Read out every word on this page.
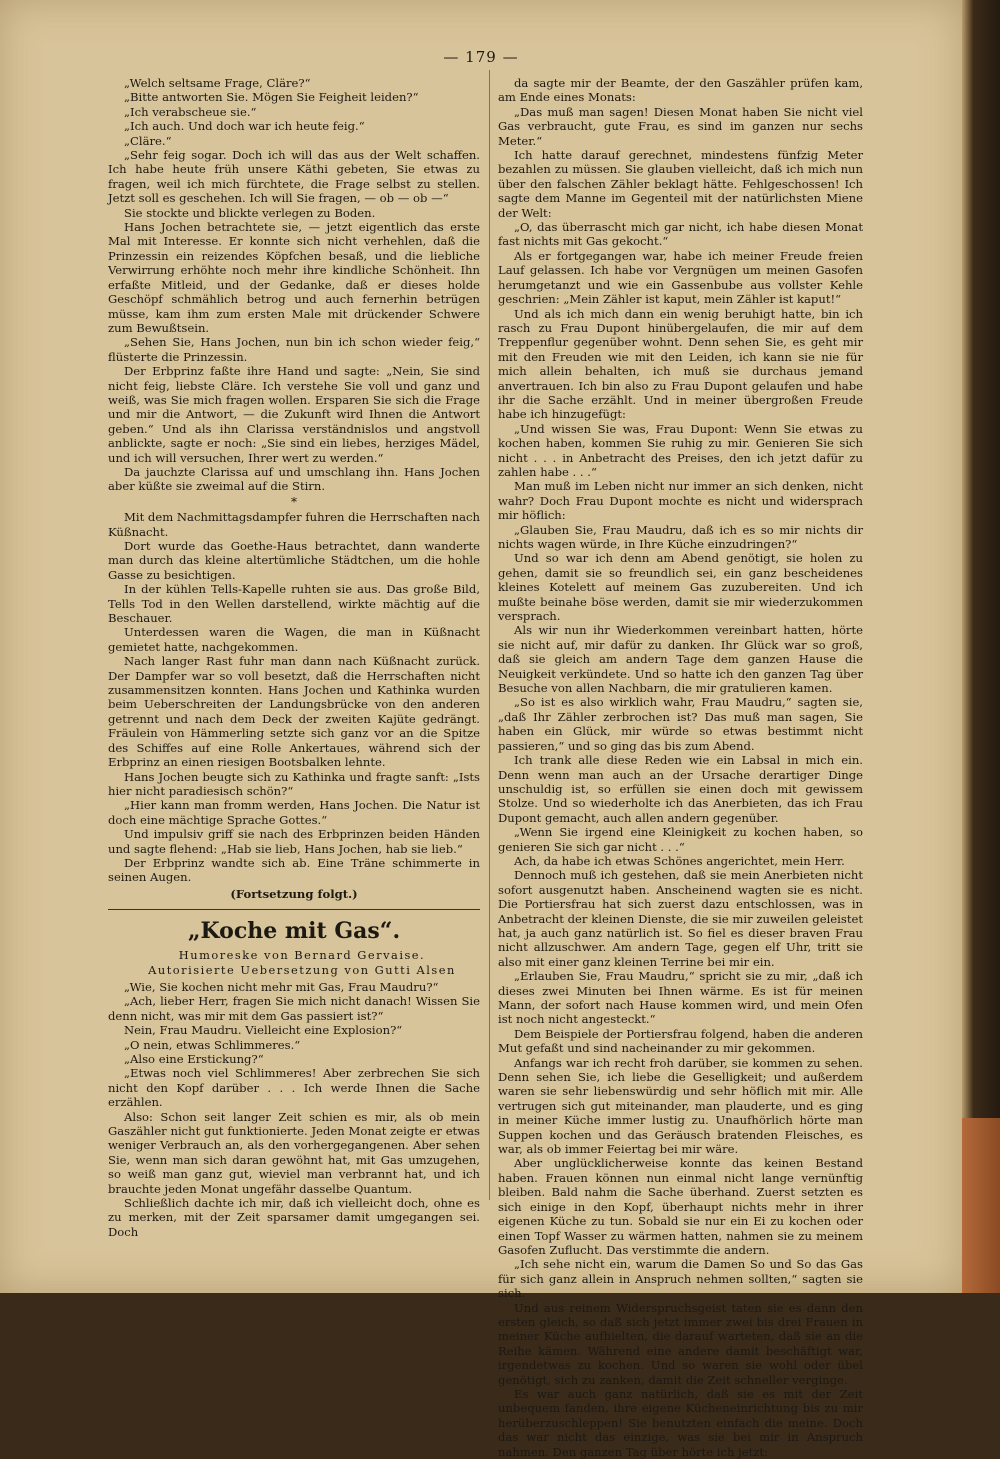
— 179 —

„Welch seltsame Frage, Cläre?“

„Bitte antworten Sie. Mögen Sie Feigheit leiden?“

„Ich verabscheue sie.“

„Ich auch. Und doch war ich heute feig.“

„Cläre.“

„Sehr feig sogar. Doch ich will das aus der Welt schaffen. Ich habe heute früh unsere Käthi gebeten, Sie etwas zu fragen, weil ich mich fürchtete, die Frage selbst zu stellen. Jetzt soll es geschehen. Ich will Sie fragen, — ob — ob —“

Sie stockte und blickte verlegen zu Boden.

Hans Jochen betrachtete sie, — jetzt eigentlich das erste Mal mit Interesse. Er konnte sich nicht verhehlen, daß die Prinzessin ein reizendes Köpfchen besaß, und die liebliche Verwirrung erhöhte noch mehr ihre kindliche Schönheit. Ihn erfaßte Mitleid, und der Gedanke, daß er dieses holde Geschöpf schmählich betrog und auch fernerhin betrügen müsse, kam ihm zum ersten Male mit drückender Schwere zum Bewußtsein.

„Sehen Sie, Hans Jochen, nun bin ich schon wieder feig,“ flüsterte die Prinzessin.

Der Erbprinz faßte ihre Hand und sagte: „Nein, Sie sind nicht feig, liebste Cläre. Ich verstehe Sie voll und ganz und weiß, was Sie mich fragen wollen. Ersparen Sie sich die Frage und mir die Antwort, — die Zukunft wird Ihnen die Antwort geben.“ Und als ihn Clarissa verständnislos und angstvoll anblickte, sagte er noch: „Sie sind ein liebes, herziges Mädel, und ich will versuchen, Ihrer wert zu werden.“

Da jauchzte Clarissa auf und umschlang ihn. Hans Jochen aber küßte sie zweimal auf die Stirn.

*

Mit dem Nachmittagsdampfer fuhren die Herrschaften nach Küßnacht.

Dort wurde das Goethe-Haus betrachtet, dann wanderte man durch das kleine altertümliche Städtchen, um die hohle Gasse zu besichtigen.

In der kühlen Tells-Kapelle ruhten sie aus. Das große Bild, Tells Tod in den Wellen darstellend, wirkte mächtig auf die Beschauer.

Unterdessen waren die Wagen, die man in Küßnacht gemietet hatte, nachgekommen.

Nach langer Rast fuhr man dann nach Küßnacht zurück. Der Dampfer war so voll besetzt, daß die Herrschaften nicht zusammensitzen konnten. Hans Jochen und Kathinka wurden beim Ueberschreiten der Landungsbrücke von den anderen getrennt und nach dem Deck der zweiten Kajüte gedrängt. Fräulein von Hämmerling setzte sich ganz vor an die Spitze des Schiffes auf eine Rolle Ankertaues, während sich der Erbprinz an einen riesigen Bootsbalken lehnte.

Hans Jochen beugte sich zu Kathinka und fragte sanft: „Ists hier nicht paradiesisch schön?“

„Hier kann man fromm werden, Hans Jochen. Die Natur ist doch eine mächtige Sprache Gottes.“

Und impulsiv griff sie nach des Erbprinzen beiden Händen und sagte flehend: „Hab sie lieb, Hans Jochen, hab sie lieb.“

Der Erbprinz wandte sich ab. Eine Träne schimmerte in seinen Augen.

(Fortsetzung folgt.)
„Koche mit Gas“.

Humoreske von Bernard Gervaise.

Autorisierte Uebersetzung von Gutti Alsen

„Wie, Sie kochen nicht mehr mit Gas, Frau Maudru?“

„Ach, lieber Herr, fragen Sie mich nicht danach! Wissen Sie denn nicht, was mir mit dem Gas passiert ist?“

Nein, Frau Maudru. Vielleicht eine Explosion?“

„O nein, etwas Schlimmeres.“

„Also eine Erstickung?“

„Etwas noch viel Schlimmeres! Aber zerbrechen Sie sich nicht den Kopf darüber . . . Ich werde Ihnen die Sache erzählen.

Also: Schon seit langer Zeit schien es mir, als ob mein Gaszähler nicht gut funktionierte. Jeden Monat zeigte er etwas weniger Verbrauch an, als den vorhergegangenen. Aber sehen Sie, wenn man sich daran gewöhnt hat, mit Gas umzugehen, so weiß man ganz gut, wieviel man verbrannt hat, und ich brauchte jeden Monat ungefähr dasselbe Quantum.

Schließlich dachte ich mir, daß ich vielleicht doch, ohne es zu merken, mit der Zeit sparsamer damit umgegangen sei. Doch

da sagte mir der Beamte, der den Gaszähler prüfen kam, am Ende eines Monats:

„Das muß man sagen! Diesen Monat haben Sie nicht viel Gas verbraucht, gute Frau, es sind im ganzen nur sechs Meter.“

Ich hatte darauf gerechnet, mindestens fünfzig Meter bezahlen zu müssen. Sie glauben vielleicht, daß ich mich nun über den falschen Zähler beklagt hätte. Fehlgeschossen! Ich sagte dem Manne im Gegenteil mit der natürlichsten Miene der Welt:

„O, das überrascht mich gar nicht, ich habe diesen Monat fast nichts mit Gas gekocht.“

Als er fortgegangen war, habe ich meiner Freude freien Lauf gelassen. Ich habe vor Vergnügen um meinen Gasofen herumgetanzt und wie ein Gassenbube aus vollster Kehle geschrien: „Mein Zähler ist kaput, mein Zähler ist kaput!“

Und als ich mich dann ein wenig beruhigt hatte, bin ich rasch zu Frau Dupont hinübergelaufen, die mir auf dem Treppenflur gegenüber wohnt. Denn sehen Sie, es geht mir mit den Freuden wie mit den Leiden, ich kann sie nie für mich allein behalten, ich muß sie durchaus jemand anvertrauen. Ich bin also zu Frau Dupont gelaufen und habe ihr die Sache erzählt. Und in meiner übergroßen Freude habe ich hinzugefügt:

„Und wissen Sie was, Frau Dupont: Wenn Sie etwas zu kochen haben, kommen Sie ruhig zu mir. Genieren Sie sich nicht . . . in Anbetracht des Preises, den ich jetzt dafür zu zahlen habe . . .“

Man muß im Leben nicht nur immer an sich denken, nicht wahr? Doch Frau Dupont mochte es nicht und widersprach mir höflich:

„Glauben Sie, Frau Maudru, daß ich es so mir nichts dir nichts wagen würde, in Ihre Küche einzudringen?“

Und so war ich denn am Abend genötigt, sie holen zu gehen, damit sie so freundlich sei, ein ganz bescheidenes kleines Kotelett auf meinem Gas zuzubereiten. Und ich mußte beinahe böse werden, damit sie mir wiederzukommen versprach.

Als wir nun ihr Wiederkommen vereinbart hatten, hörte sie nicht auf, mir dafür zu danken. Ihr Glück war so groß, daß sie gleich am andern Tage dem ganzen Hause die Neuigkeit verkündete. Und so hatte ich den ganzen Tag über Besuche von allen Nachbarn, die mir gratulieren kamen.

„So ist es also wirklich wahr, Frau Maudru,“ sagten sie, „daß Ihr Zähler zerbrochen ist? Das muß man sagen, Sie haben ein Glück, mir würde so etwas bestimmt nicht passieren,“ und so ging das bis zum Abend.

Ich trank alle diese Reden wie ein Labsal in mich ein. Denn wenn man auch an der Ursache derartiger Dinge unschuldig ist, so erfüllen sie einen doch mit gewissem Stolze. Und so wiederholte ich das Anerbieten, das ich Frau Dupont gemacht, auch allen andern gegenüber.

„Wenn Sie irgend eine Kleinigkeit zu kochen haben, so genieren Sie sich gar nicht . . .“

Ach, da habe ich etwas Schönes angerichtet, mein Herr.

Dennoch muß ich gestehen, daß sie mein Anerbieten nicht sofort ausgenutzt haben. Anscheinend wagten sie es nicht. Die Portiersfrau hat sich zuerst dazu entschlossen, was in Anbetracht der kleinen Dienste, die sie mir zuweilen geleistet hat, ja auch ganz natürlich ist. So fiel es dieser braven Frau nicht allzuschwer. Am andern Tage, gegen elf Uhr, tritt sie also mit einer ganz kleinen Terrine bei mir ein.

„Erlauben Sie, Frau Maudru,“ spricht sie zu mir, „daß ich dieses zwei Minuten bei Ihnen wärme. Es ist für meinen Mann, der sofort nach Hause kommen wird, und mein Ofen ist noch nicht angesteckt.“

Dem Beispiele der Portiersfrau folgend, haben die anderen Mut gefaßt und sind nacheinander zu mir gekommen.

Anfangs war ich recht froh darüber, sie kommen zu sehen. Denn sehen Sie, ich liebe die Geselligkeit; und außerdem waren sie sehr liebenswürdig und sehr höflich mit mir. Alle vertrugen sich gut miteinander, man plauderte, und es ging in meiner Küche immer lustig zu. Unaufhörlich hörte man Suppen kochen und das Geräusch bratenden Fleisches, es war, als ob immer Feiertag bei mir wäre.

Aber unglücklicherweise konnte das keinen Bestand haben. Frauen können nun einmal nicht lange vernünftig bleiben. Bald nahm die Sache überhand. Zuerst setzten es sich einige in den Kopf, überhaupt nichts mehr in ihrer eigenen Küche zu tun. Sobald sie nur ein Ei zu kochen oder einen Topf Wasser zu wärmen hatten, nahmen sie zu meinem Gasofen Zuflucht. Das verstimmte die andern.

„Ich sehe nicht ein, warum die Damen So und So das Gas für sich ganz allein in Anspruch nehmen sollten,“ sagten sie sich.

Und aus reinem Widerspruchsgeist taten sie es dann den ersten gleich, so daß sich jetzt immer zwei bis drei Frauen in meiner Küche aufhielten, die darauf warteten, daß sie an die Reihe kämen. Während eine andere damit beschäftigt war, irgendetwas zu kochen. Und so waren sie wohl oder übel genötigt, sich zu zanken, damit die Zeit schneller verginge.

Es war auch ganz natürlich, daß sie es mit der Zeit unbequem fanden, ihre eigene Kücheneinrichtung bis zu mir herüberzuschleppen! Sie benutzten einfach die meine. Doch das war nicht das einzige, was sie bei mir in Anspruch nahmen. Den ganzen Tag über hörte ich jetzt:
